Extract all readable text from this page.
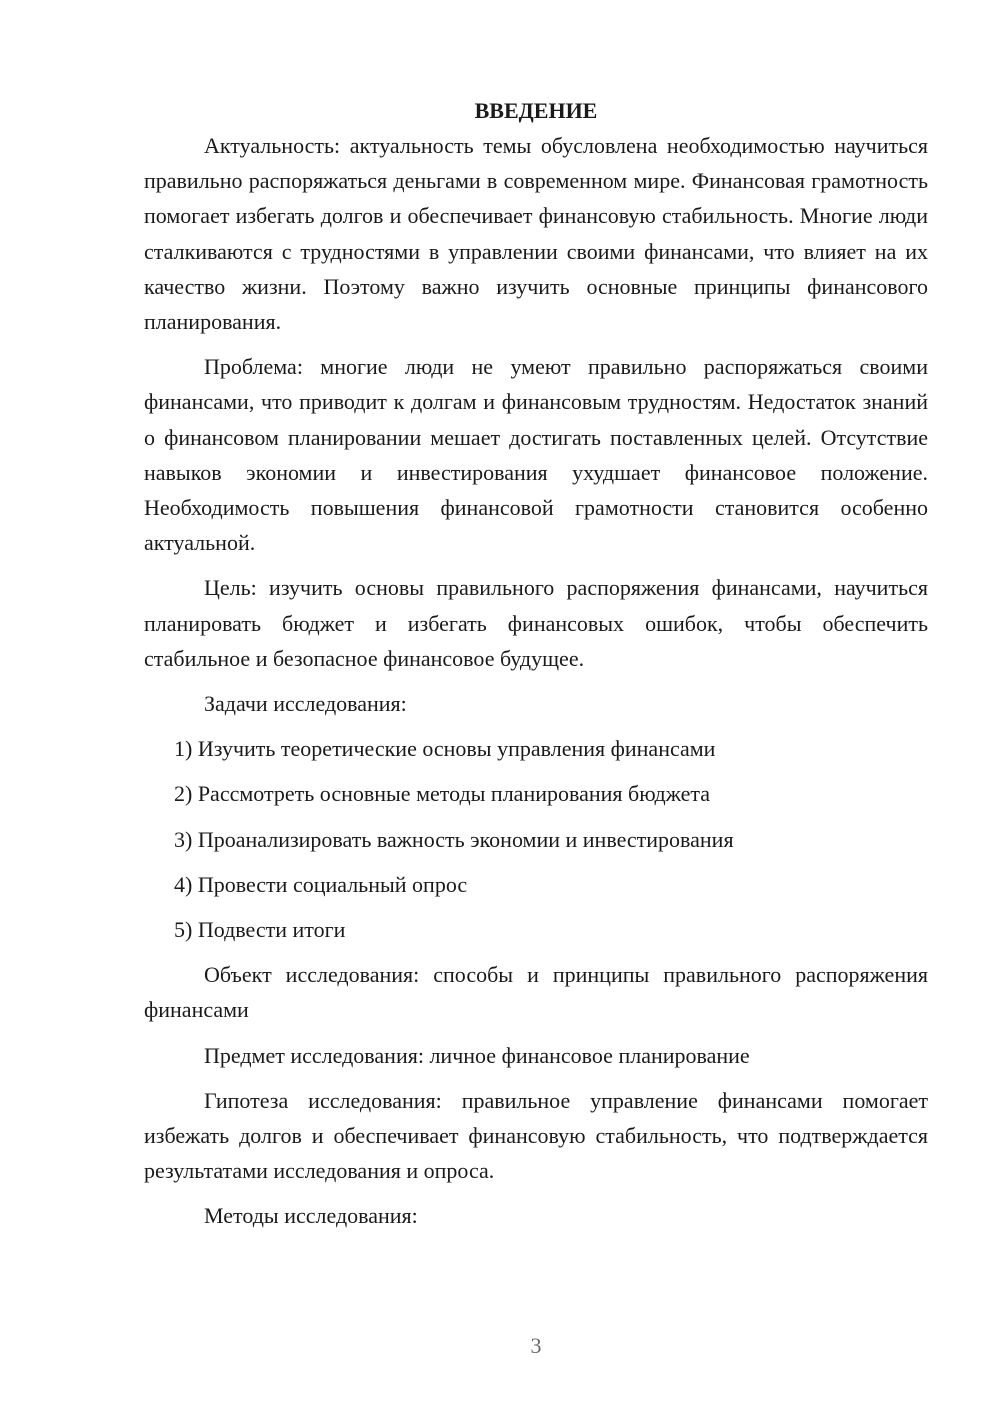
ВВЕДЕНИЕ

Актуальность: актуальность темы обусловлена необходимостью научиться правильно распоряжаться деньгами в современном мире. Финансовая грамотность помогает избегать долгов и обеспечивает финансовую стабильность. Многие люди сталкиваются с трудностями в управлении своими финансами, что влияет на их качество жизни. Поэтому важно изучить основные принципы финансового планирования.

Проблема: многие люди не умеют правильно распоряжаться своими финансами, что приводит к долгам и финансовым трудностям. Недостаток знаний о финансовом планировании мешает достигать поставленных целей. Отсутствие навыков экономии и инвестирования ухудшает финансовое положение. Необходимость повышения финансовой грамотности становится особенно актуальной.

Цель: изучить основы правильного распоряжения финансами, научиться планировать бюджет и избегать финансовых ошибок, чтобы обеспечить стабильное и безопасное финансовое будущее.

Задачи исследования:

1) Изучить теоретические основы управления финансами

2) Рассмотреть основные методы планирования бюджета

3) Проанализировать важность экономии и инвестирования

4) Провести социальный опрос

5) Подвести итоги

Объект исследования: способы и принципы правильного распоряжения финансами

Предмет исследования: личное финансовое планирование

Гипотеза исследования: правильное управление финансами помогает избежать долгов и обеспечивает финансовую стабильность, что подтверждается результатами исследования и опроса.

Методы исследования:

3
